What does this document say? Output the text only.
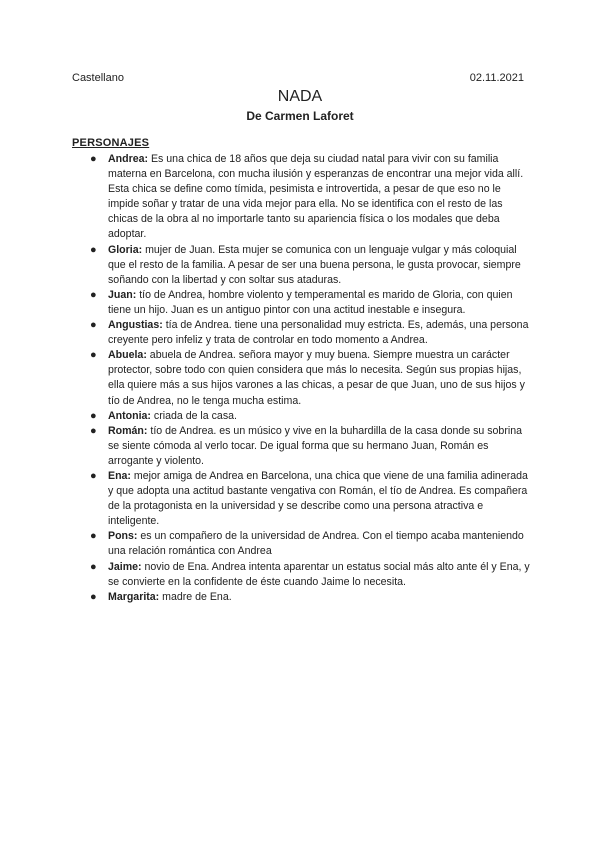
Castellano	02.11.2021
NADA
De Carmen Laforet
PERSONAJES
● Andrea: Es una chica de 18 años que deja su ciudad natal para vivir con su familia materna en Barcelona, con mucha ilusión y esperanzas de encontrar una mejor vida allí. Esta chica se define como tímida, pesimista e introvertida, a pesar de que eso no le impide soñar y tratar de una vida mejor para ella. No se identifica con el resto de las chicas de la obra al no importarle tanto su apariencia física o los modales que deba adoptar.
● Gloria: mujer de Juan. Esta mujer se comunica con un lenguaje vulgar y más coloquial que el resto de la familia. A pesar de ser una buena persona, le gusta provocar, siempre soñando con la libertad y con soltar sus ataduras.
● Juan: tío de Andrea, hombre violento y temperamental es marido de Gloria, con quien tiene un hijo. Juan es un antiguo pintor con una actitud inestable e insegura.
● Angustias: tía de Andrea. tiene una personalidad muy estricta. Es, además, una persona creyente pero infeliz y trata de controlar en todo momento a Andrea.
● Abuela: abuela de Andrea. señora mayor y muy buena. Siempre muestra un carácter protector, sobre todo con quien considera que más lo necesita. Según sus propias hijas, ella quiere más a sus hijos varones a las chicas, a pesar de que Juan, uno de sus hijos y tío de Andrea, no le tenga mucha estima.
● Antonia: criada de la casa.
● Román: tío de Andrea. es un músico y vive en la buhardilla de la casa donde su sobrina se siente cómoda al verlo tocar. De igual forma que su hermano Juan, Román es arrogante y violento.
● Ena: mejor amiga de Andrea en Barcelona, una chica que viene de una familia adinerada y que adopta una actitud bastante vengativa con Román, el tío de Andrea. Es compañera de la protagonista en la universidad y se describe como una persona atractiva e inteligente.
● Pons: es un compañero de la universidad de Andrea. Con el tiempo acaba manteniendo una relación romántica con Andrea
● Jaime: novio de Ena. Andrea intenta aparentar un estatus social más alto ante él y Ena, y se convierte en la confidente de éste cuando Jaime lo necesita.
● Margarita: madre de Ena.
